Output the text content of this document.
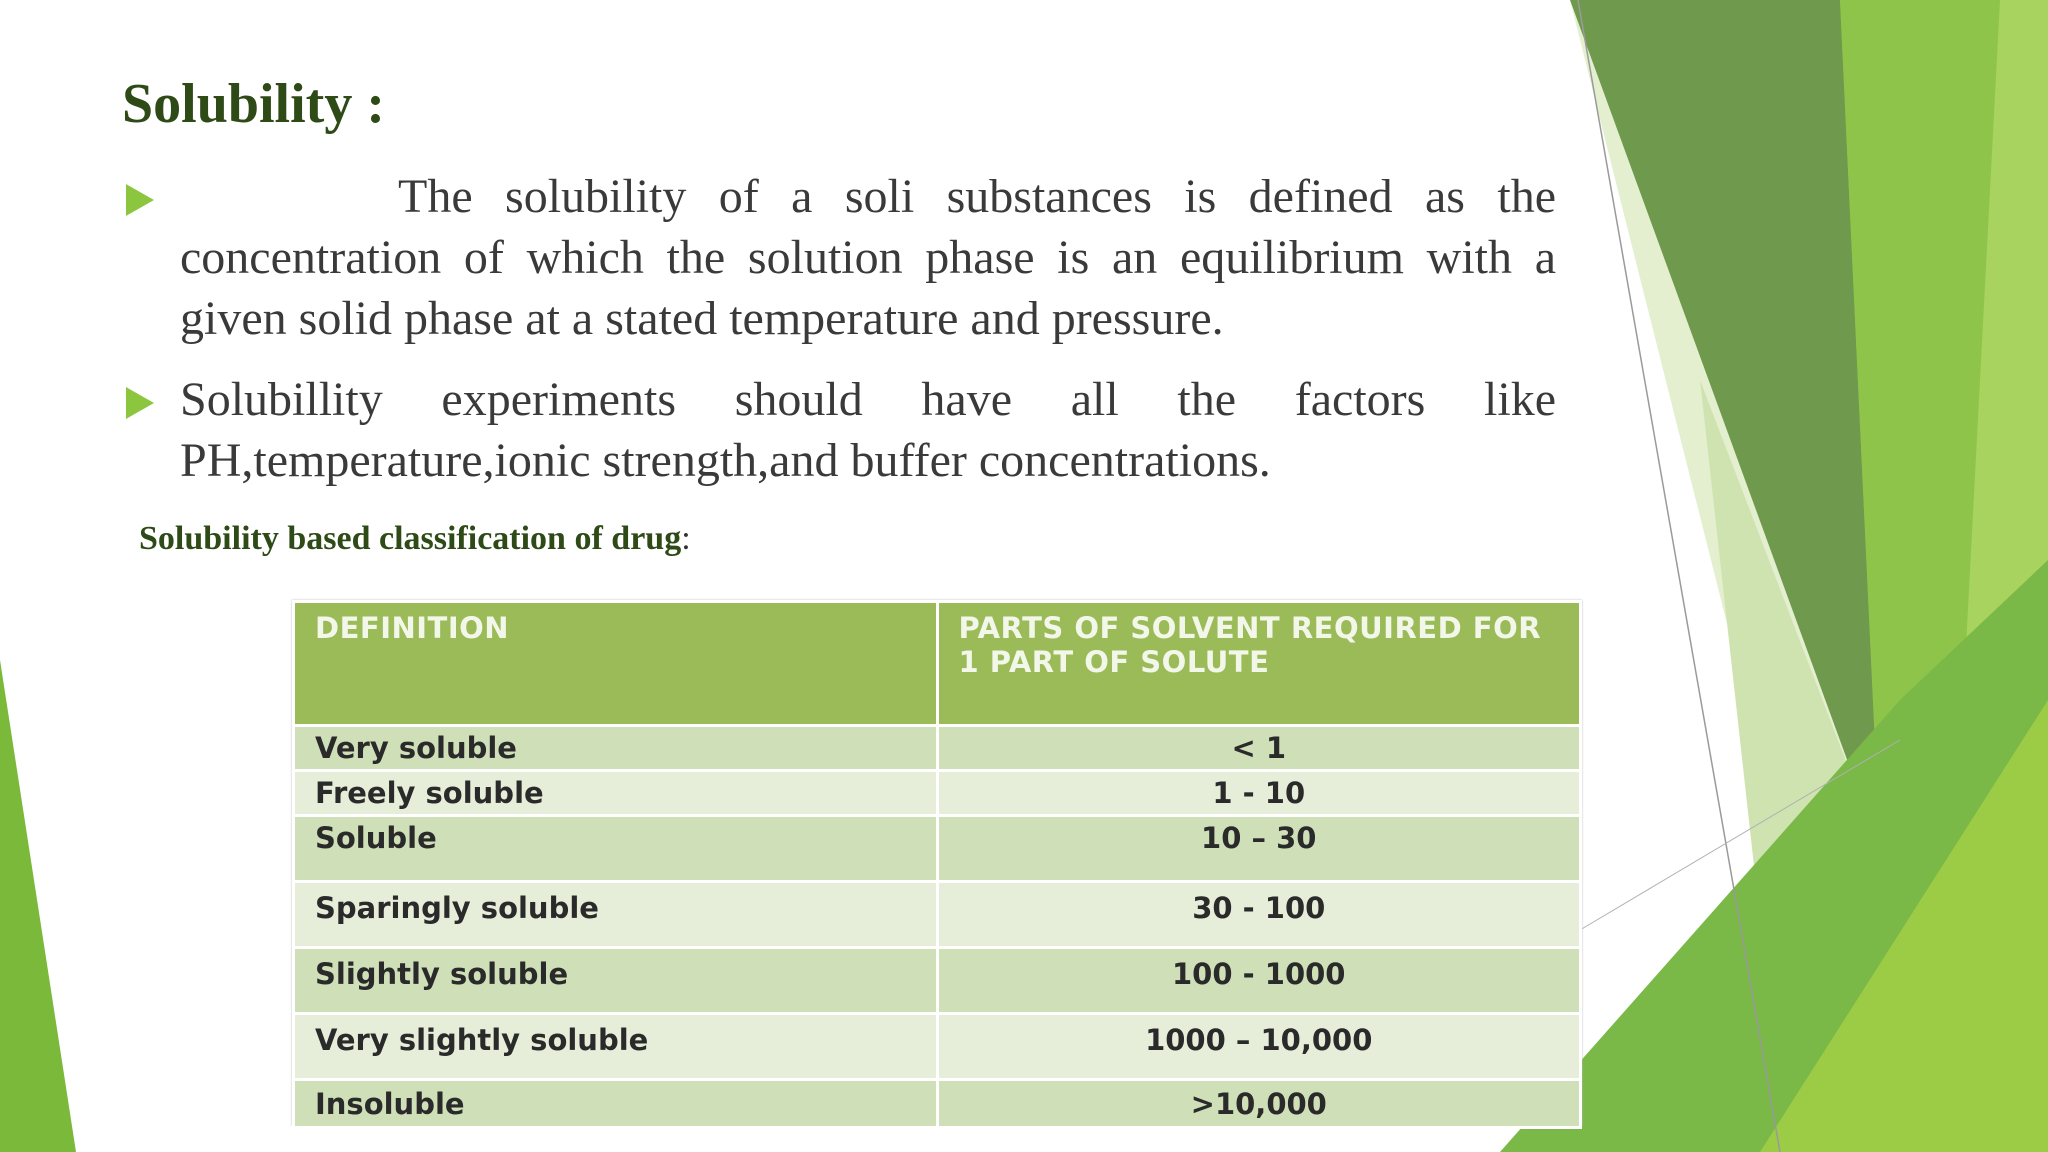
Solubility :
The solubility of a soli substances is defined as the concentration of which the solution phase is an equilibrium with a given solid phase at a stated temperature and pressure.
Solubillity experiments should have all the factors like PH,temperature,ionic strength,and buffer concentrations.
Solubility based classification of drug:
DEFINITION	PARTS OF SOLVENT REQUIRED FOR 1 PART OF SOLUTE
Very soluble	< 1
Freely soluble	1 - 10
Soluble	10 – 30
Sparingly soluble	30 - 100
Slightly soluble	100 - 1000
Very slightly soluble	1000 – 10,000
Insoluble	>10,000
